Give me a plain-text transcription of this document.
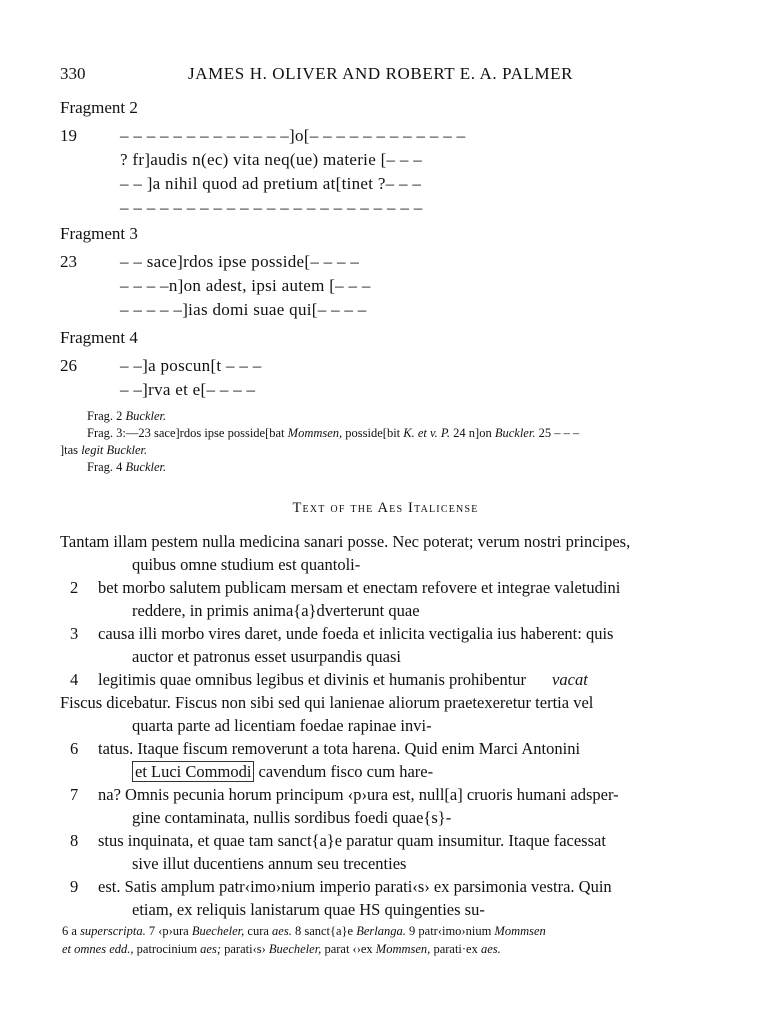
330	JAMES H. OLIVER AND ROBERT E. A. PALMER
Fragment 2
19	– – – – – – – – – – – – –]o[– – – – – – – – – – – –
? fr]audis n(ec) vita neq(ue) materie [– – –
– – ]a nihil quod ad pretium at[tinet ?– – –
– – – – – – – – – – – – – – – – – – – – – – –
Fragment 3
23	– – sace]rdos ipse posside[– – – –
– – – –n]on adest, ipsi autem [– – –
– – – – –]ias domi suae qui[– – – –
Fragment 4
26	– –]a poscun[t – – –
– –]rva et e[– – – –
Frag. 2 Buckler.
Frag. 3:—23 sace]rdos ipse posside[bat Mommsen, posside[bit K. et v. P. 24 n]on Buckler. 25 – – –
]tas legit Buckler.
Frag. 4 Buckler.
Text of the Aes Italicense
Tantam illam pestem nulla medicina sanari posse. Nec poterat; verum nostri principes,
quibus omne studium est quantoli-
2 bet morbo salutem publicam mersam et enectam refovere et integrae valetudini
reddere, in primis anima{a}dverterunt quae
3 causa illi morbo vires daret, unde foeda et inlicita vectigalia ius haberent: quis
auctor et patronus esset usurpandis quasi
4 legitimis quae omnibus legibus et divinis et humanis prohibentur vacat
Fiscus dicebatur. Fiscus non sibi sed qui lanienae aliorum praetexeretur tertia vel
quarta parte ad licentiam foedae rapinae invi-
6 tatus. Itaque fiscum removerunt a tota harena. Quid enim Marci Antonini
et Luci Commodi cavendum fisco cum hare-
7 na? Omnis pecunia horum principum ‹p›ura est, null[a] cruoris humani adsper-
gine contaminata, nullis sordibus foedi quae{s}-
8 stus inquinata, et quae tam sanct{a}e paratur quam insumitur. Itaque facessat
sive illut ducentiens annum seu trecenties
9 est. Satis amplum patr‹imo›nium imperio parati‹s› ex parsimonia vestra. Quin
etiam, ex reliquis lanistarum quae HS quingenties su-
6 a superscripta. 7 ‹p›ura Buecheler, cura aes. 8 sanct{a}e Berlanga. 9 patr‹imo›nium Mommsen
et omnes edd., patrocinium aes; parati‹s› Buecheler, parat ‹›ex Mommsen, parati·ex aes.
